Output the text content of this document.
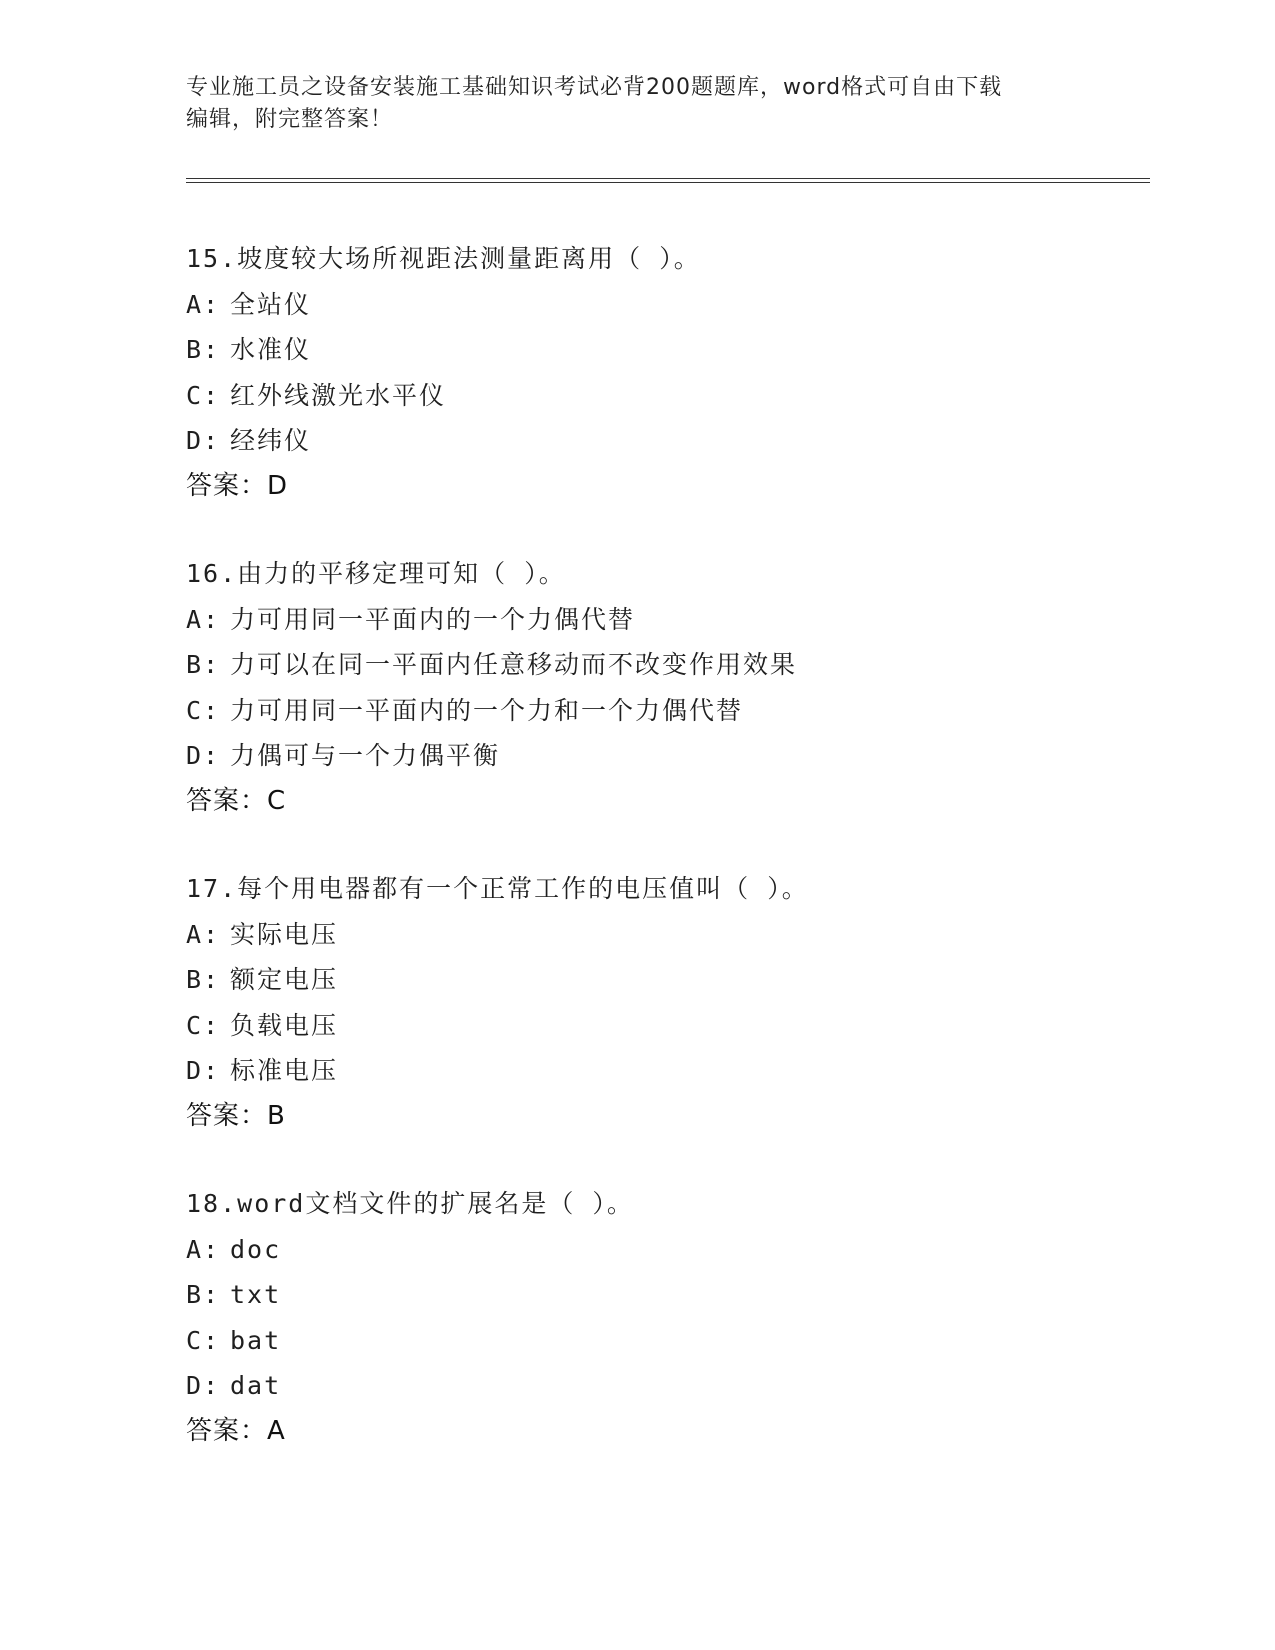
专业施工员之设备安装施工基础知识考试必背200题题库，word格式可自由下载
编辑，附完整答案！
15.坡度较大场所视距法测量距离用（ ）。
A: 全站仪
B: 水准仪
C: 红外线激光水平仪
D: 经纬仪
答案：D
16.由力的平移定理可知（ ）。
A: 力可用同一平面内的一个力偶代替
B: 力可以在同一平面内任意移动而不改变作用效果
C: 力可用同一平面内的一个力和一个力偶代替
D: 力偶可与一个力偶平衡
答案：C
17.每个用电器都有一个正常工作的电压值叫（ ）。
A: 实际电压
B: 额定电压
C: 负载电压
D: 标准电压
答案：B
18.word文档文件的扩展名是（ ）。
A: doc
B: txt
C: bat
D: dat
答案：A
